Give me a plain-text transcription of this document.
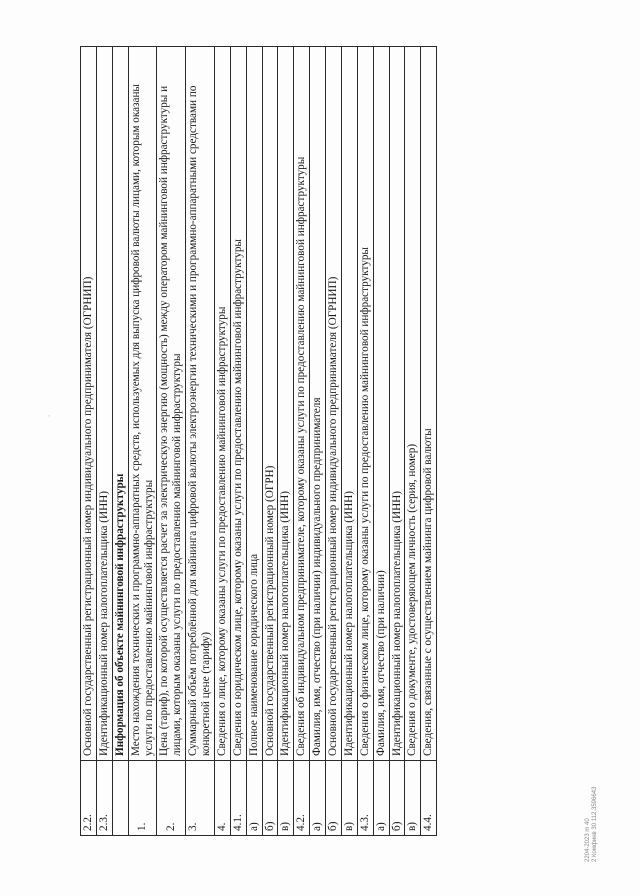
2.2.	Основной государственный регистрационный номер индивидуального предпринимателя (ОГРНИП)
2.3.	Идентификационный номер налогоплательщика (ИНН)
	Информация об объекте майнинговой инфраструктуры
1.	Место нахождения технических и программно-аппаратных средств, используемых для выпуска цифровой валюты лицами, которым оказаны услуги по предоставлению майнинговой инфраструктуры
2.	Цена (тариф), по которой осуществляется расчет за электрическую энергию (мощность) между оператором майнинговой инфраструктуры и лицами, которым оказаны услуги по предоставлению майнинговой инфраструктуры
3.	Суммарный объём потреблённой для майнинга цифровой валюты электроэнергии техническими и программно-аппаратными средствами по конкретной цене (тарифу)
4.	Сведения о лице, которому оказаны услуги по предоставлению майнинговой инфраструктуры
4.1.	Сведения о юридическом лице, которому оказаны услуги по предоставлению майнинговой инфраструктуры
а)	Полное наименование юридического лица
б)	Основной государственный регистрационный номер (ОГРН)
в)	Идентификационный номер налогоплательщика (ИНН)
4.2.	Сведения об индивидуальном предпринимателе, которому оказаны услуги по предоставлению майнинговой инфраструктуры
а)	Фамилия, имя, отчество (при наличии) индивидуального предпринимателя
б)	Основной государственный регистрационный номер индивидуального предпринимателя (ОГРНИП)
в)	Идентификационный номер налогоплательщика (ИНН)
4.3.	Сведения о физическом лице, которому оказаны услуги по предоставлению майнинговой инфраструктуры
а)	Фамилия, имя, отчество (при наличии)
б)	Идентификационный номер налогоплательщика (ИНН)
в)	Сведения о документе, удостоверяющем личность (серия, номер)
4.4.	Сведения, связанные с осуществлением майнинга цифровой валюты
2204-2023 m 40 2 Комфинв 30 112 3596643
,
